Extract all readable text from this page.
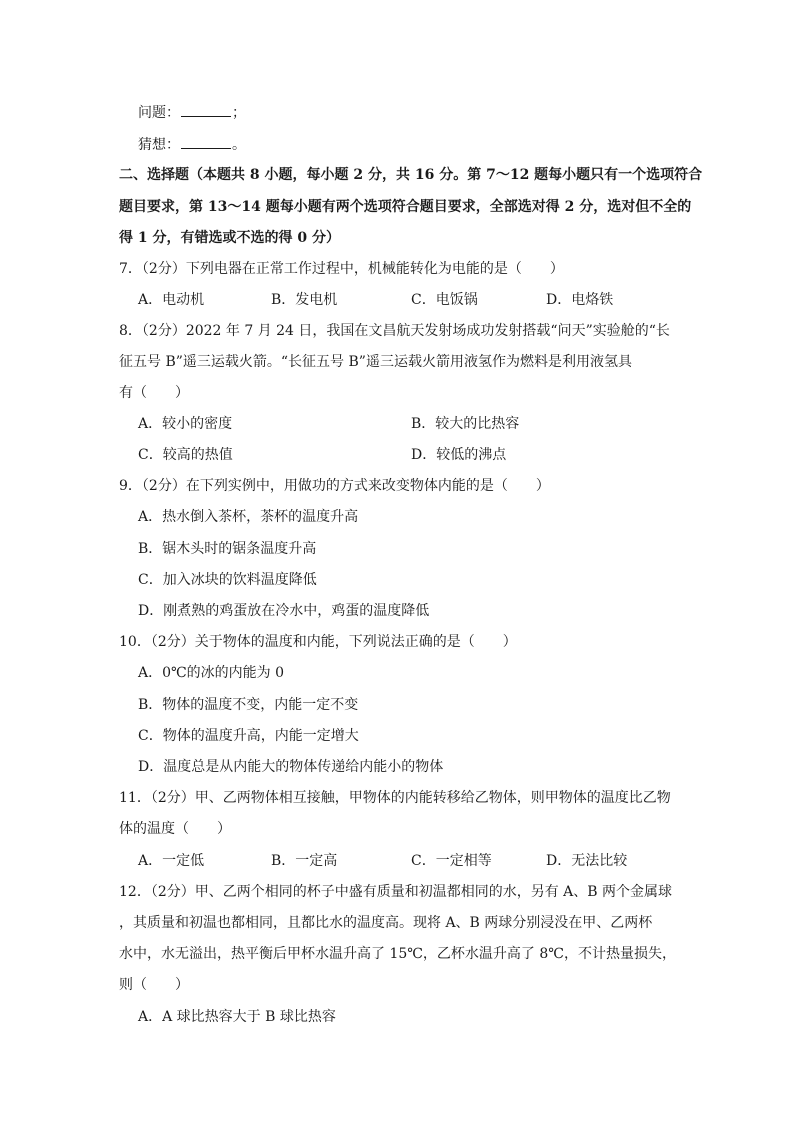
问题：	；
猜想：	。
二、选择题（本题共 8 小题，每小题 2 分，共 16 分。第 7～12 题每小题只有一个选项符合
题目要求，第 13～14 题每小题有两个选项符合题目要求，全部选对得 2 分，选对但不全的
得 1 分，有错选或不选的得 0 分）
7．（2分）下列电器在正常工作过程中，机械能转化为电能的是（　　）
A．电动机	B．发电机	C．电饭锅	D．电烙铁
8．（2分）2022 年 7 月 24 日，我国在文昌航天发射场成功发射搭载“问天”实验舱的“长
征五号 B”遥三运载火箭。“长征五号 B”遥三运载火箭用液氢作为燃料是利用液氢具
有（　　）
A．较小的密度	B．较大的比热容
C．较高的热值	D．较低的沸点
9．（2分）在下列实例中，用做功的方式来改变物体内能的是（　　）
A．热水倒入茶杯，茶杯的温度升高
B．锯木头时的锯条温度升高
C．加入冰块的饮料温度降低
D．刚煮熟的鸡蛋放在冷水中，鸡蛋的温度降低
10．（2分）关于物体的温度和内能，下列说法正确的是（　　）
A．0℃的冰的内能为 0
B．物体的温度不变，内能一定不变
C．物体的温度升高，内能一定增大
D．温度总是从内能大的物体传递给内能小的物体
11．（2分）甲、乙两物体相互接触，甲物体的内能转移给乙物体，则甲物体的温度比乙物
体的温度（　　）
A．一定低	B．一定高	C．一定相等	D．无法比较
12．（2分）甲、乙两个相同的杯子中盛有质量和初温都相同的水，另有 A、B 两个金属球
，其质量和初温也都相同，且都比水的温度高。现将 A、B 两球分别浸没在甲、乙两杯
水中，水无溢出，热平衡后甲杯水温升高了 15℃，乙杯水温升高了 8℃，不计热量损失，
则（　　）
A．A 球比热容大于 B 球比热容
